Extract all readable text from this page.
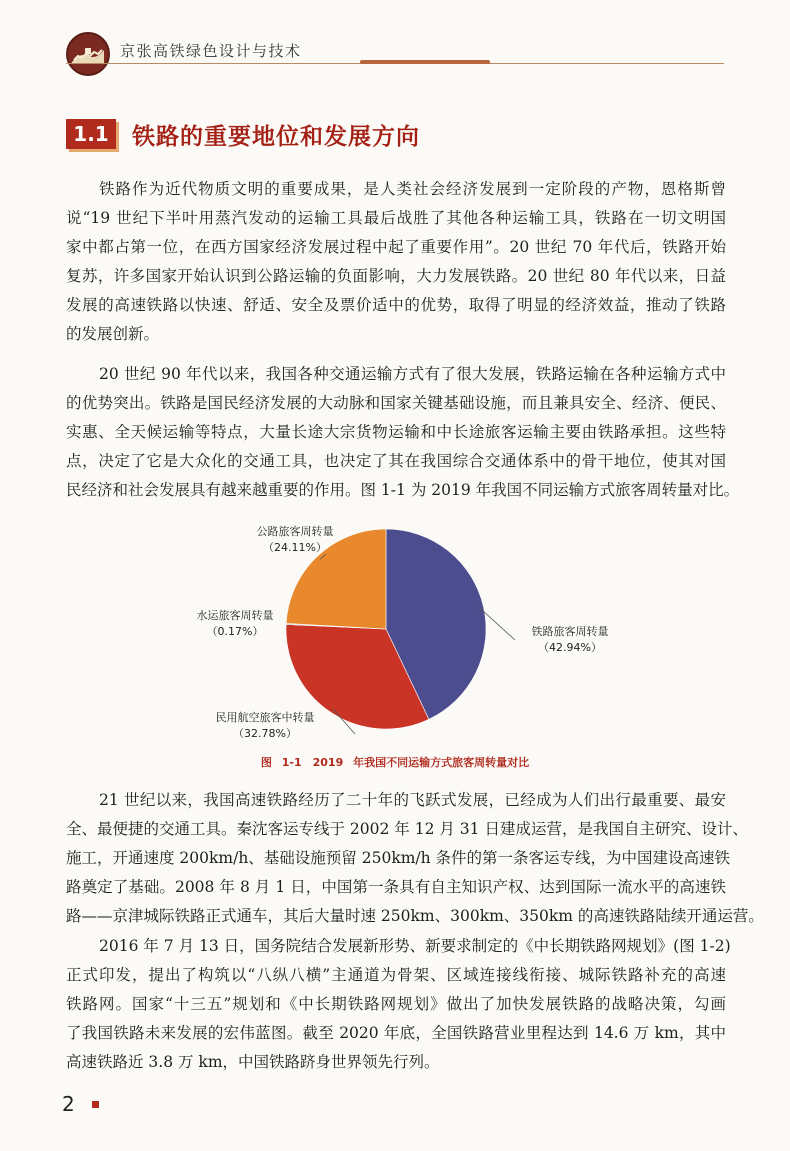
京张高铁绿色设计与技术
1.1	铁路的重要地位和发展方向
铁路作为近代物质文明的重要成果，是人类社会经济发展到一定阶段的产物，恩格斯曾
说“19 世纪下半叶用蒸汽发动的运输工具最后战胜了其他各种运输工具，铁路在一切文明国
家中都占第一位，在西方国家经济发展过程中起了重要作用”。20 世纪 70 年代后，铁路开始
复苏，许多国家开始认识到公路运输的负面影响，大力发展铁路。20 世纪 80 年代以来，日益
发展的高速铁路以快速、舒适、安全及票价适中的优势，取得了明显的经济效益，推动了铁路
的发展创新。
20 世纪 90 年代以来，我国各种交通运输方式有了很大发展，铁路运输在各种运输方式中
的优势突出。铁路是国民经济发展的大动脉和国家关键基础设施，而且兼具安全、经济、便民、
实惠、全天候运输等特点，大量长途大宗货物运输和中长途旅客运输主要由铁路承担。这些特
点，决定了它是大众化的交通工具，也决定了其在我国综合交通体系中的骨干地位，使其对国
民经济和社会发展具有越来越重要的作用。图 1-1 为 2019 年我国不同运输方式旅客周转量对比。
公路旅客周转量
（24.11%）
水运旅客周转量
（0.17%）	铁路旅客周转量
（42.94%）
民用航空旅客中转量
（32.78%）
图 1-1　2019 年我国不同运输方式旅客周转量对比
21 世纪以来，我国高速铁路经历了二十年的飞跃式发展，已经成为人们出行最重要、最安
全、最便捷的交通工具。秦沈客运专线于 2002 年 12 月 31 日建成运营，是我国自主研究、设计、
施工，开通速度 200km/h、基础设施预留 250km/h 条件的第一条客运专线，为中国建设高速铁
路奠定了基础。2008 年 8 月 1 日，中国第一条具有自主知识产权、达到国际一流水平的高速铁
路——京津城际铁路正式通车，其后大量时速 250km、300km、350km 的高速铁路陆续开通运营。
2016 年 7 月 13 日，国务院结合发展新形势、新要求制定的《中长期铁路网规划》(图 1-2)
正式印发，提出了构筑以“八纵八横”主通道为骨架、区域连接线衔接、城际铁路补充的高速
铁路网。国家“十三五”规划和《中长期铁路网规划》做出了加快发展铁路的战略决策，勾画
了我国铁路未来发展的宏伟蓝图。截至 2020 年底，全国铁路营业里程达到 14.6 万 km，其中
高速铁路近 3.8 万 km，中国铁路跻身世界领先行列。
2
